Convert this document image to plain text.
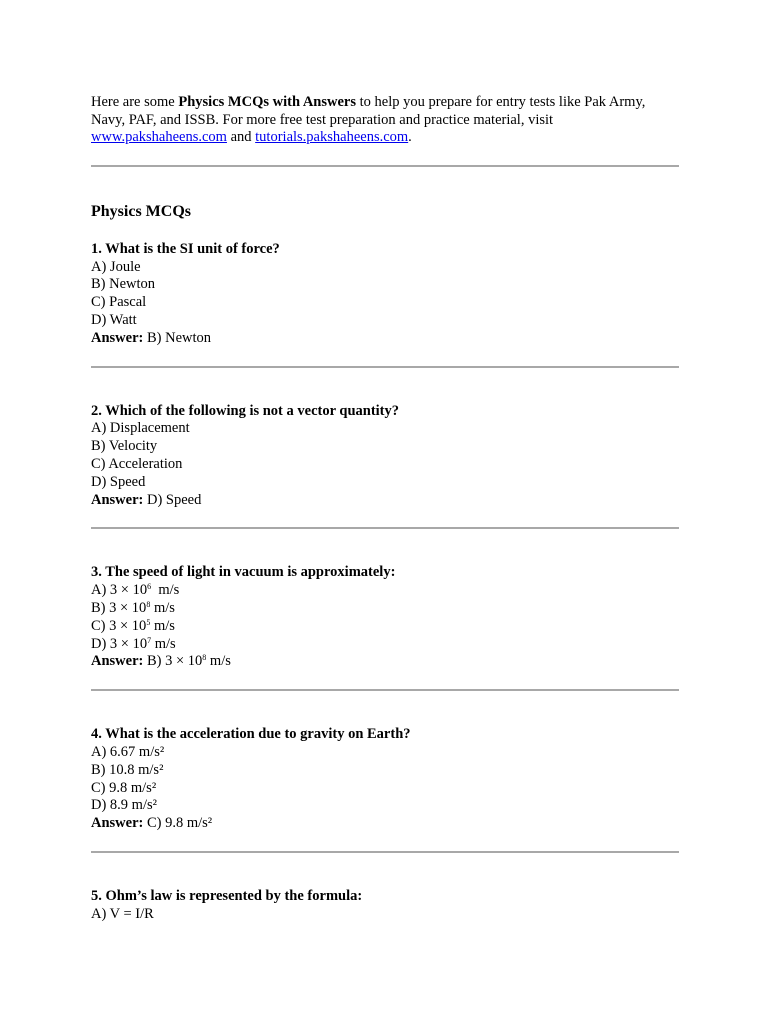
Here are some Physics MCQs with Answers to help you prepare for entry tests like Pak Army, Navy, PAF, and ISSB. For more free test preparation and practice material, visit www.pakshaheens.com and tutorials.pakshaheens.com.

Physics MCQs
1. What is the SI unit of force?
A) Joule
B) Newton
C) Pascal
D) Watt
Answer: B) Newton
2. Which of the following is not a vector quantity?
A) Displacement
B) Velocity
C) Acceleration
D) Speed
Answer: D) Speed
3. The speed of light in vacuum is approximately:
A) $3 \times 10^6$  m/s
B) $3 \times 10^8$ m/s
C) $3 \times 10^5$ m/s
D) $3 \times 10^7$ m/s
Answer: B) $3 \times 10^8$ m/s
4. What is the acceleration due to gravity on Earth?
A) 6.67 m/s²
B) 10.8 m/s²
C) 9.8 m/s²
D) 8.9 m/s²
Answer: C) 9.8 m/s²
5. Ohm’s law is represented by the formula:
A) V = I/R
